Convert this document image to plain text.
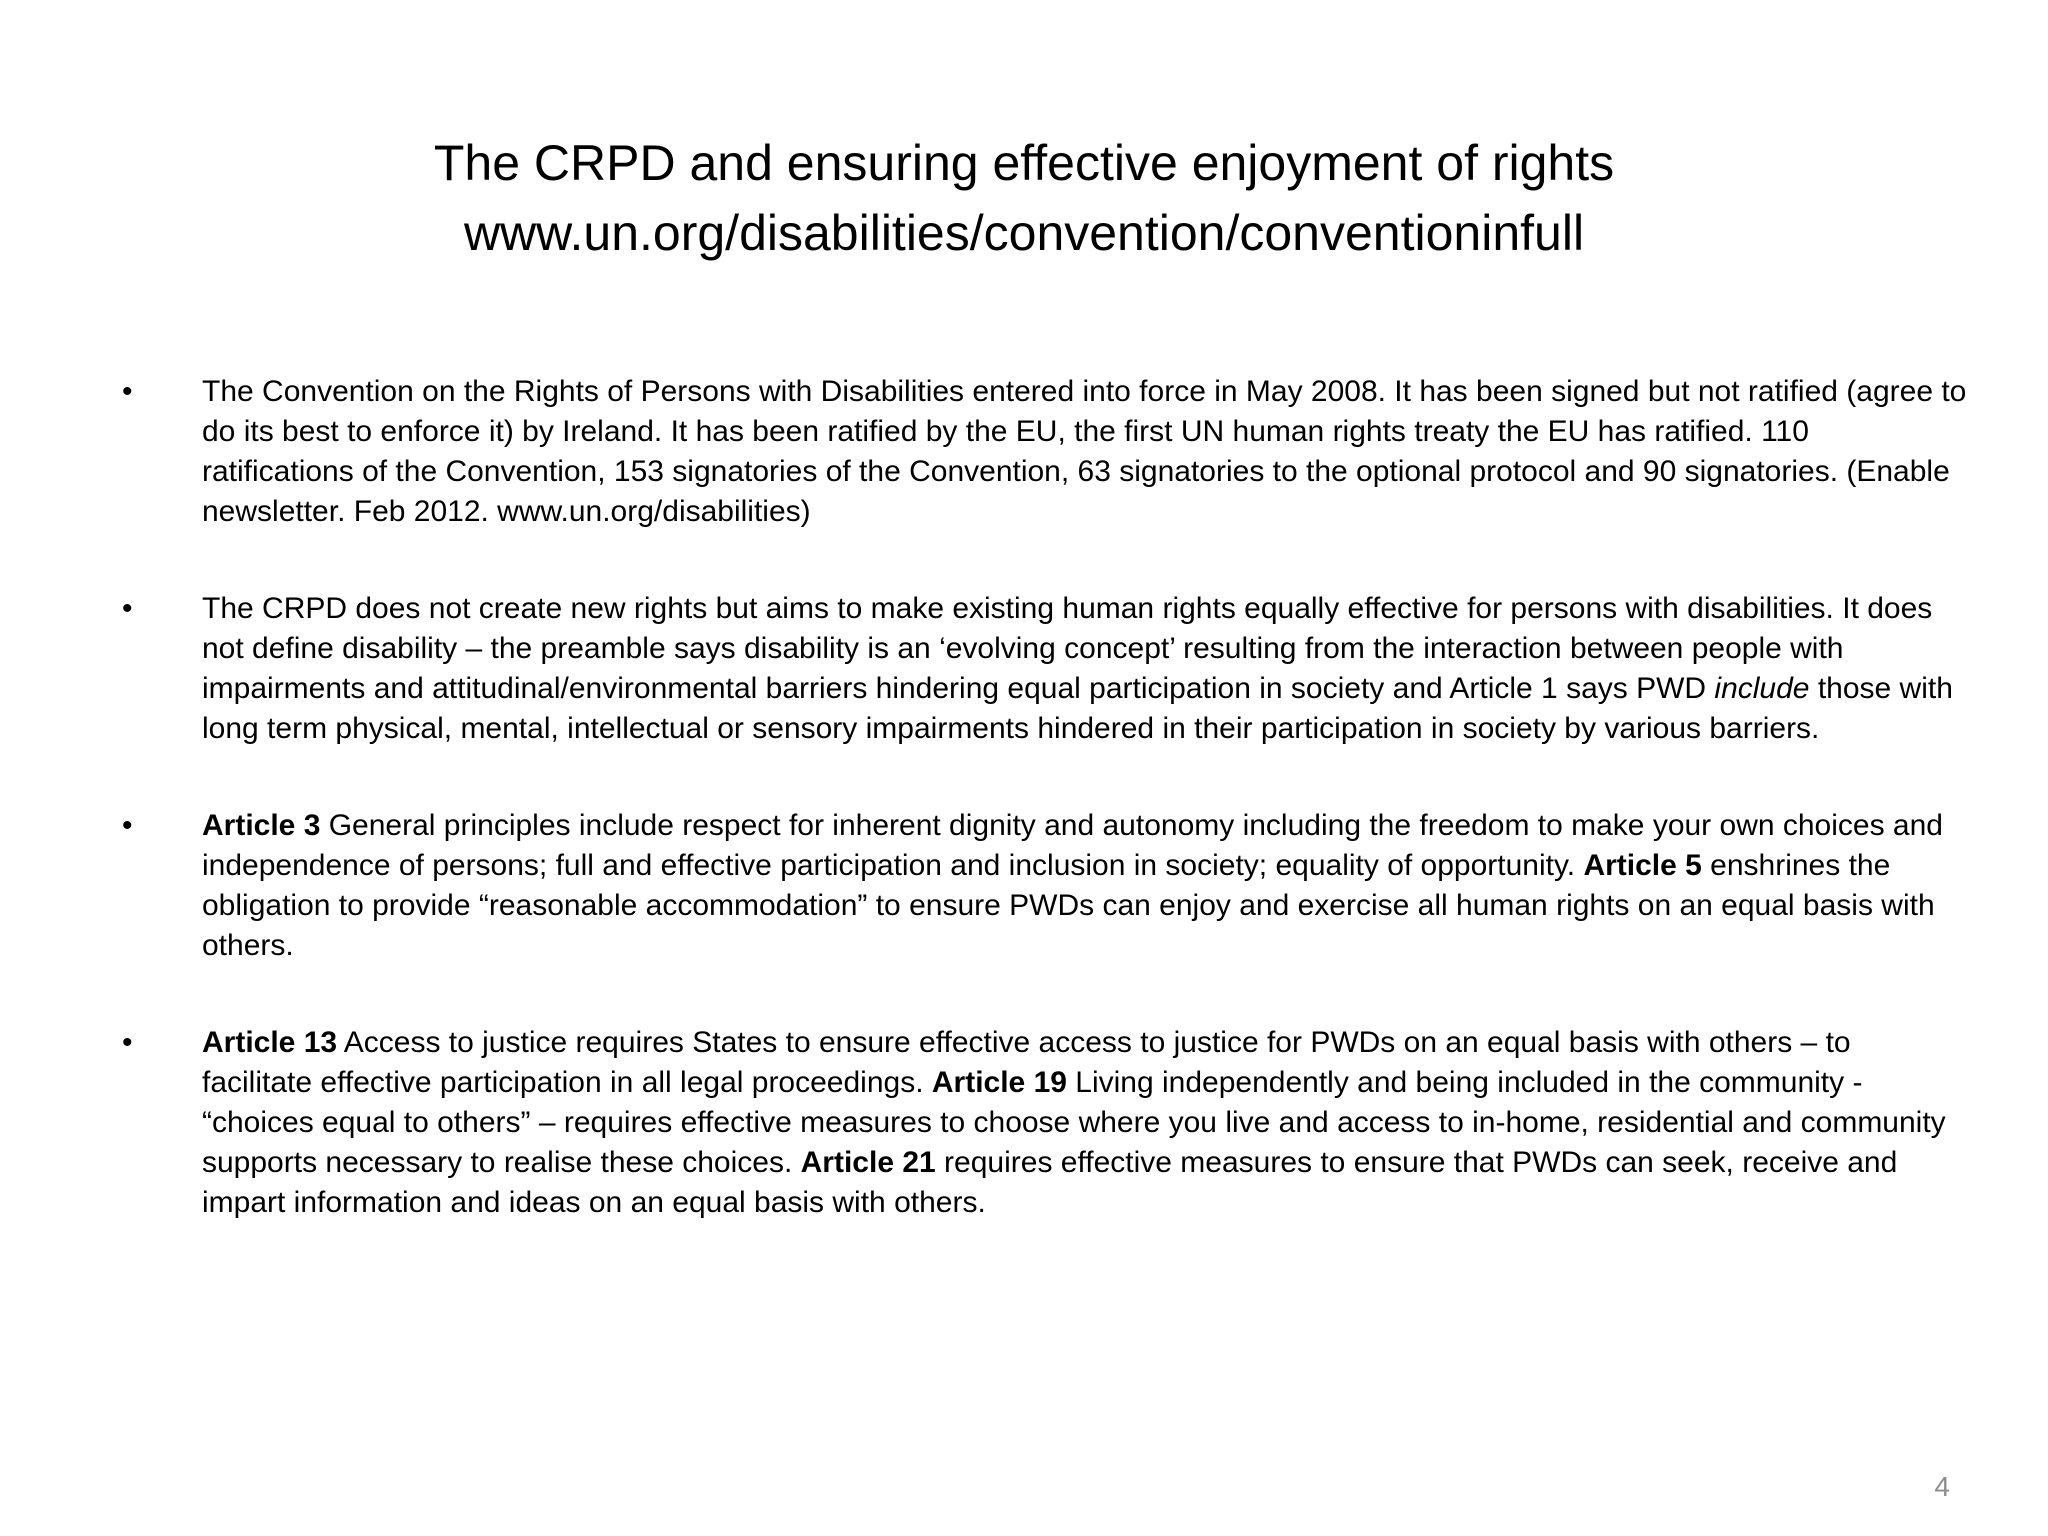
The CRPD and ensuring effective enjoyment of rights
www.un.org/disabilities/convention/conventioninfull
• The Convention on the Rights of Persons with Disabilities entered into force in May 2008. It has been signed but not ratified (agree to do its best to enforce it) by Ireland. It has been ratified by the EU, the first UN human rights treaty the EU has ratified. 110 ratifications of the Convention, 153 signatories of the Convention, 63 signatories to the optional protocol and 90 signatories. (Enable newsletter. Feb 2012. www.un.org/disabilities)
• The CRPD does not create new rights but aims to make existing human rights equally effective for persons with disabilities. It does not define disability – the preamble says disability is an ‘evolving concept’ resulting from the interaction between people with impairments and attitudinal/environmental barriers hindering equal participation in society and Article 1 says PWD include those with long term physical, mental, intellectual or sensory impairments hindered in their participation in society by various barriers.
• Article 3 General principles include respect for inherent dignity and autonomy including the freedom to make your own choices and independence of persons; full and effective participation and inclusion in society; equality of opportunity. Article 5 enshrines the obligation to provide “reasonable accommodation” to ensure PWDs can enjoy and exercise all human rights on an equal basis with others.
• Article 13 Access to justice requires States to ensure effective access to justice for PWDs on an equal basis with others – to facilitate effective participation in all legal proceedings. Article 19 Living independently and being included in the community - “choices equal to others” – requires effective measures to choose where you live and access to in-home, residential and community supports necessary to realise these choices. Article 21 requires effective measures to ensure that PWDs can seek, receive and impart information and ideas on an equal basis with others.
4
